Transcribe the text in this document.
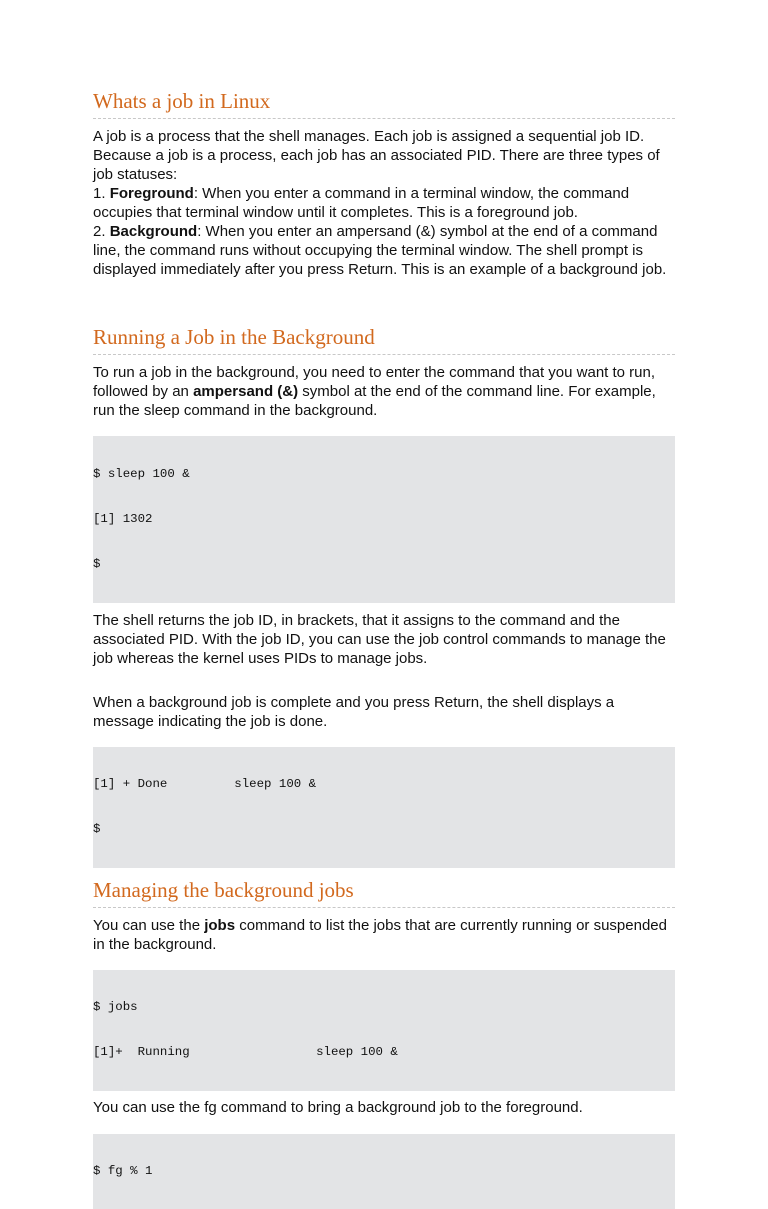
Whats a job in Linux

A job is a process that the shell manages. Each job is assigned a sequential job ID. Because a job is a process, each job has an associated PID. There are three types of job statuses:
1. Foreground: When you enter a command in a terminal window, the command occupies that terminal window until it completes. This is a foreground job.
2. Background: When you enter an ampersand (&) symbol at the end of a command line, the command runs without occupying the terminal window. The shell prompt is displayed immediately after you press Return. This is an example of a background job.

Running a Job in the Background

To run a job in the background, you need to enter the command that you want to run, followed by an ampersand (&) symbol at the end of the command line. For example, run the sleep command in the background.

$ sleep 100 &

[1] 1302

$

The shell returns the job ID, in brackets, that it assigns to the command and the associated PID. With the job ID, you can use the job control commands to manage the job whereas the kernel uses PIDs to manage jobs.

When a background job is complete and you press Return, the shell displays a message indicating the job is done.

[1] + Done         sleep 100 &

$

Managing the background jobs

You can use the jobs command to list the jobs that are currently running or suspended in the background.

$ jobs

[1]+  Running                 sleep 100 &

You can use the fg command to bring a background job to the foreground.

$ fg % 1
